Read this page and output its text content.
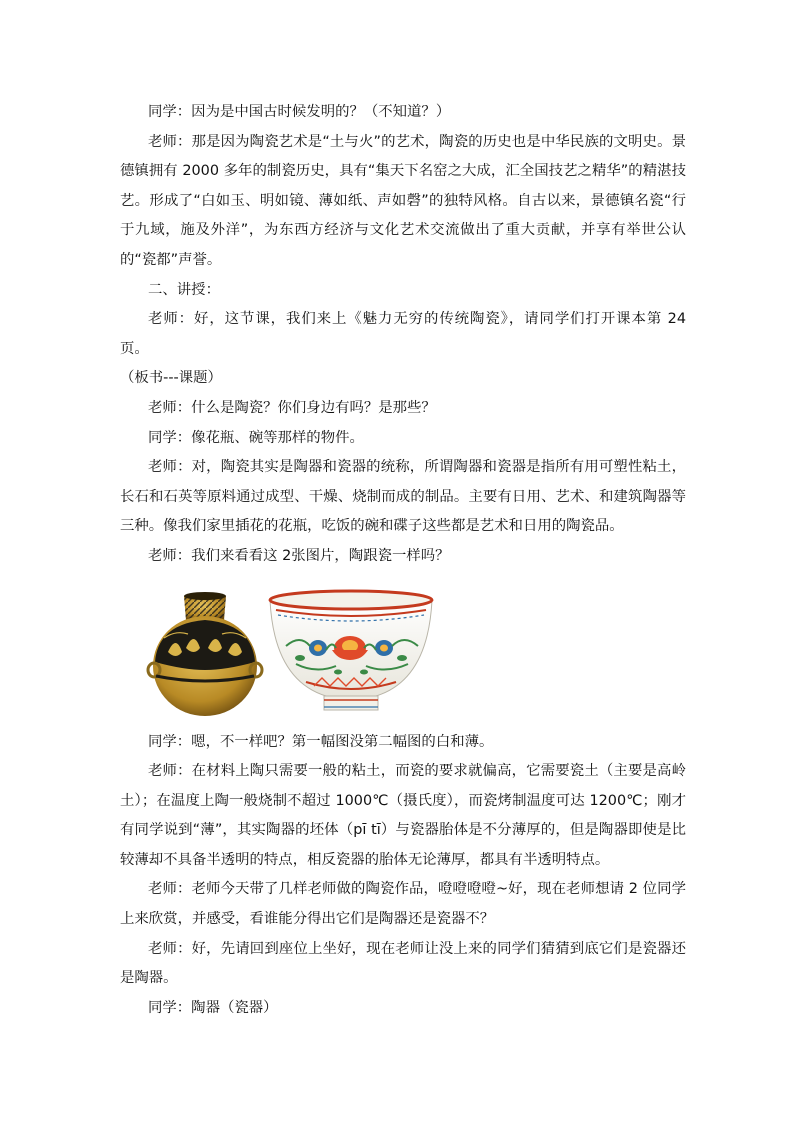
同学：因为是中国古时候发明的？（不知道？）

老师：那是因为陶瓷艺术是“土与火”的艺术，陶瓷的历史也是中华民族的文明史。景德镇拥有 2000 多年的制瓷历史，具有“集天下名窑之大成，汇全国技艺之精华”的精湛技艺。形成了“白如玉、明如镜、薄如纸、声如磬”的独特风格。自古以来，景德镇名瓷“行于九域，施及外洋”，为东西方经济与文化艺术交流做出了重大贡献，并享有举世公认的“瓷都”声誉。

二、讲授：

老师：好，这节课，我们来上《魅力无穷的传统陶瓷》，请同学们打开课本第 24 页。

（板书---课题）

老师：什么是陶瓷？你们身边有吗？是那些？

同学：像花瓶、碗等那样的物件。

老师：对，陶瓷其实是陶器和瓷器的统称，所谓陶器和瓷器是指所有用可塑性粘土，长石和石英等原料通过成型、干燥、烧制而成的制品。主要有日用、艺术、和建筑陶器等三种。像我们家里插花的花瓶，吃饭的碗和碟子这些都是艺术和日用的陶瓷品。

老师：我们来看看这 2张图片，陶跟瓷一样吗？

同学：嗯，不一样吧？第一幅图没第二幅图的白和薄。

老师：在材料上陶只需要一般的粘土，而瓷的要求就偏高，它需要瓷土（主要是高岭土）；在温度上陶一般烧制不超过 1000℃（摄氏度），而瓷烤制温度可达 1200℃；刚才有同学说到“薄”，其实陶器的坯体（pī tī）与瓷器胎体是不分薄厚的，但是陶器即使是比较薄却不具备半透明的特点，相反瓷器的胎体无论薄厚，都具有半透明特点。

老师：老师今天带了几样老师做的陶瓷作品，噔噔噔噔~好，现在老师想请 2 位同学上来欣赏，并感受，看谁能分得出它们是陶器还是瓷器不？

老师：好，先请回到座位上坐好，现在老师让没上来的同学们猜猜到底它们是瓷器还是陶器。

同学：陶器（瓷器）
